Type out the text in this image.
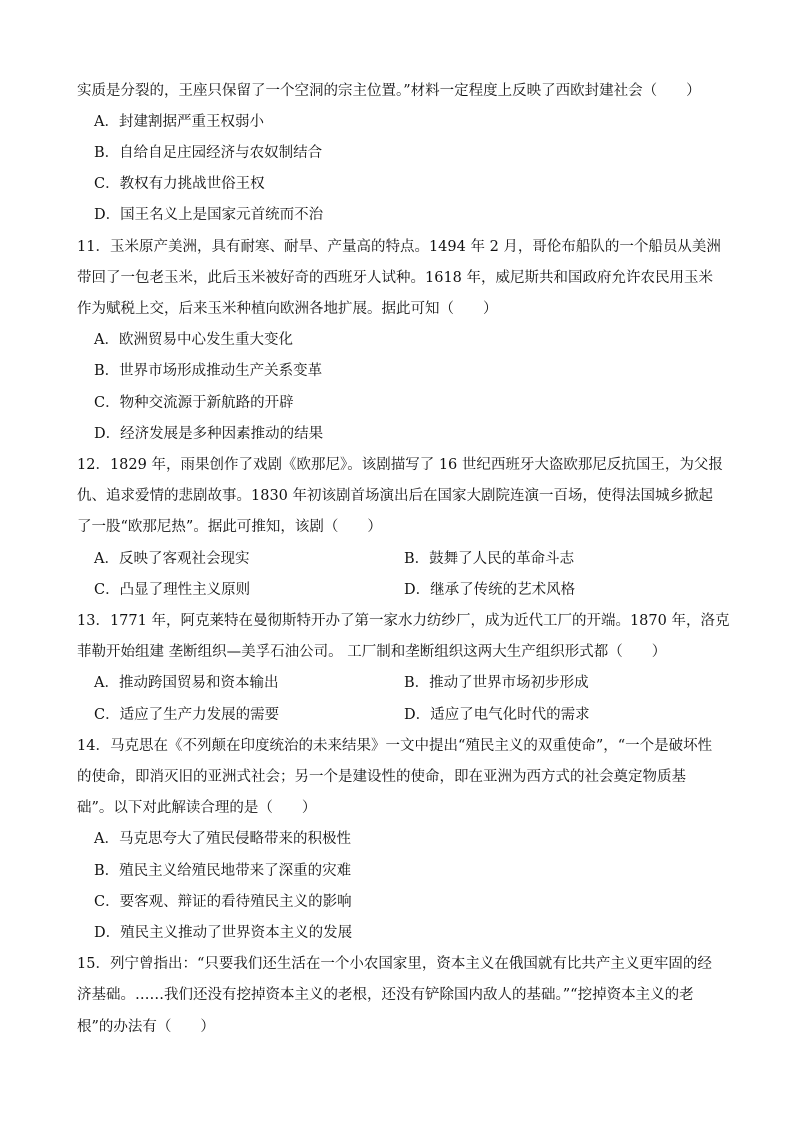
实质是分裂的，王座只保留了一个空洞的宗主位置。”材料一定程度上反映了西欧封建社会（　　）
A．封建割据严重王权弱小
B．自给自足庄园经济与农奴制结合
C．教权有力挑战世俗王权
D．国王名义上是国家元首统而不治
11．玉米原产美洲，具有耐寒、耐旱、产量高的特点。1494 年 2 月，哥伦布船队的一个船员从美洲
带回了一包老玉米，此后玉米被好奇的西班牙人试种。1618 年，威尼斯共和国政府允许农民用玉米
作为赋税上交，后来玉米种植向欧洲各地扩展。据此可知（　　）
A．欧洲贸易中心发生重大变化
B．世界市场形成推动生产关系变革
C．物种交流源于新航路的开辟
D．经济发展是多种因素推动的结果
12．1829 年，雨果创作了戏剧《欧那尼》。该剧描写了 16 世纪西班牙大盗欧那尼反抗国王，为父报
仇、追求爱情的悲剧故事。1830 年初该剧首场演出后在国家大剧院连演一百场，使得法国城乡掀起
了一股“欧那尼热”。据此可推知，该剧（　　）
A．反映了客观社会现实	B．鼓舞了人民的革命斗志
C．凸显了理性主义原则	D．继承了传统的艺术风格
13．1771 年，阿克莱特在曼彻斯特开办了第一家水力纺纱厂，成为近代工厂的开端。1870 年，洛克
菲勒开始组建 垄断组织—美孚石油公司。 工厂制和垄断组织这两大生产组织形式都（　　）
A．推动跨国贸易和资本输出	B．推动了世界市场初步形成
C．适应了生产力发展的需要	D．适应了电气化时代的需求
14．马克思在《不列颠在印度统治的未来结果》一文中提出“殖民主义的双重使命”，“一个是破坏性
的使命，即消灭旧的亚洲式社会；另一个是建设性的使命，即在亚洲为西方式的社会奠定物质基
础”。以下对此解读合理的是（　　）
A．马克思夸大了殖民侵略带来的积极性
B．殖民主义给殖民地带来了深重的灾难
C．要客观、辩证的看待殖民主义的影响
D．殖民主义推动了世界资本主义的发展
15．列宁曾指出：“只要我们还生活在一个小农国家里，资本主义在俄国就有比共产主义更牢固的经
济基础。……我们还没有挖掉资本主义的老根，还没有铲除国内敌人的基础。”“挖掉资本主义的老
根”的办法有（　　）
